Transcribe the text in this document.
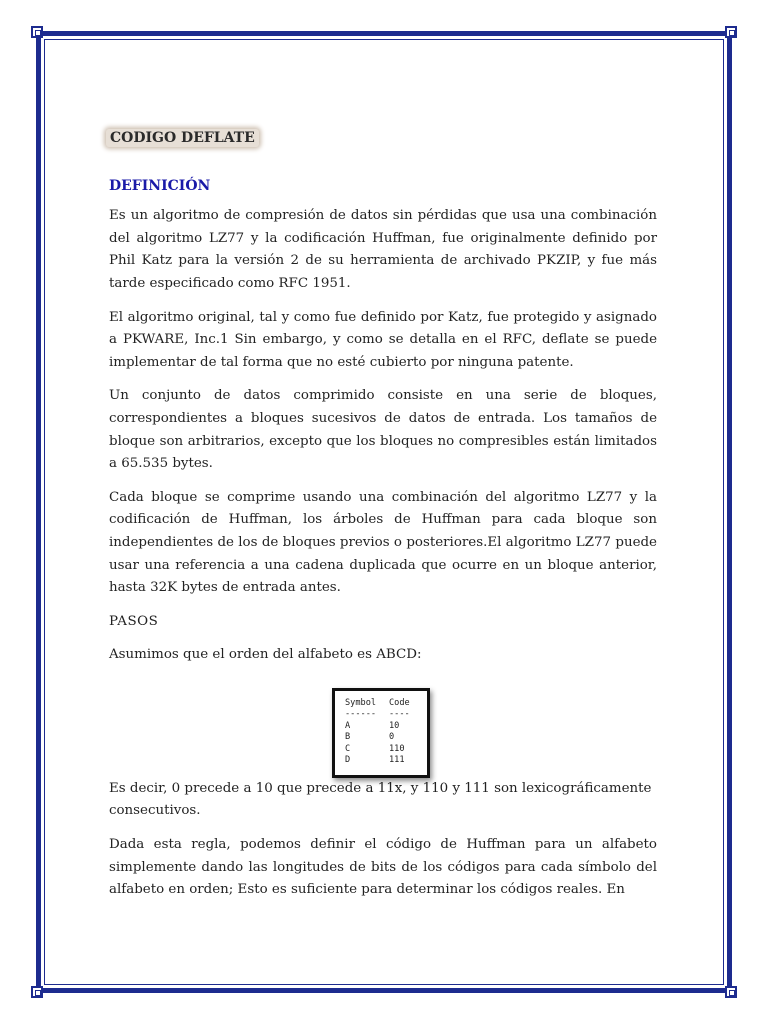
CODIGO DEFLATE
DEFINICIÓN

Es un algoritmo de compresión de datos sin pérdidas que usa una combinación del algoritmo LZ77 y la codificación Huffman, fue originalmente definido por Phil Katz para la versión 2 de su herramienta de archivado PKZIP, y fue más tarde especificado como RFC 1951.

El algoritmo original, tal y como fue definido por Katz, fue protegido y asignado a PKWARE, Inc.1 Sin embargo, y como se detalla en el RFC, deflate se puede implementar de tal forma que no esté cubierto por ninguna patente.

Un conjunto de datos comprimido consiste en una serie de bloques, correspondientes a bloques sucesivos de datos de entrada. Los tamaños de bloque son arbitrarios, excepto que los bloques no compresibles están limitados a 65.535 bytes.

Cada bloque se comprime usando una combinación del algoritmo LZ77 y la codificación de Huffman, los árboles de Huffman para cada bloque son independientes de los de bloques previos o posteriores.El algoritmo LZ77 puede usar una referencia a una cadena duplicada que ocurre en un bloque anterior, hasta 32K bytes de entrada antes.

PASOS

Asumimos que el orden del alfabeto es ABCD:

Es decir, 0 precede a 10 que precede a 11x, y 110 y 111 son lexicográficamente consecutivos.

Dada esta regla, podemos definir el código de Huffman para un alfabeto simplemente dando las longitudes de bits de los códigos para cada símbolo del alfabeto en orden; Esto es suficiente para determinar los códigos reales. En

Symbol	Code
------	----
A	10
B	0
C	110
D	111
